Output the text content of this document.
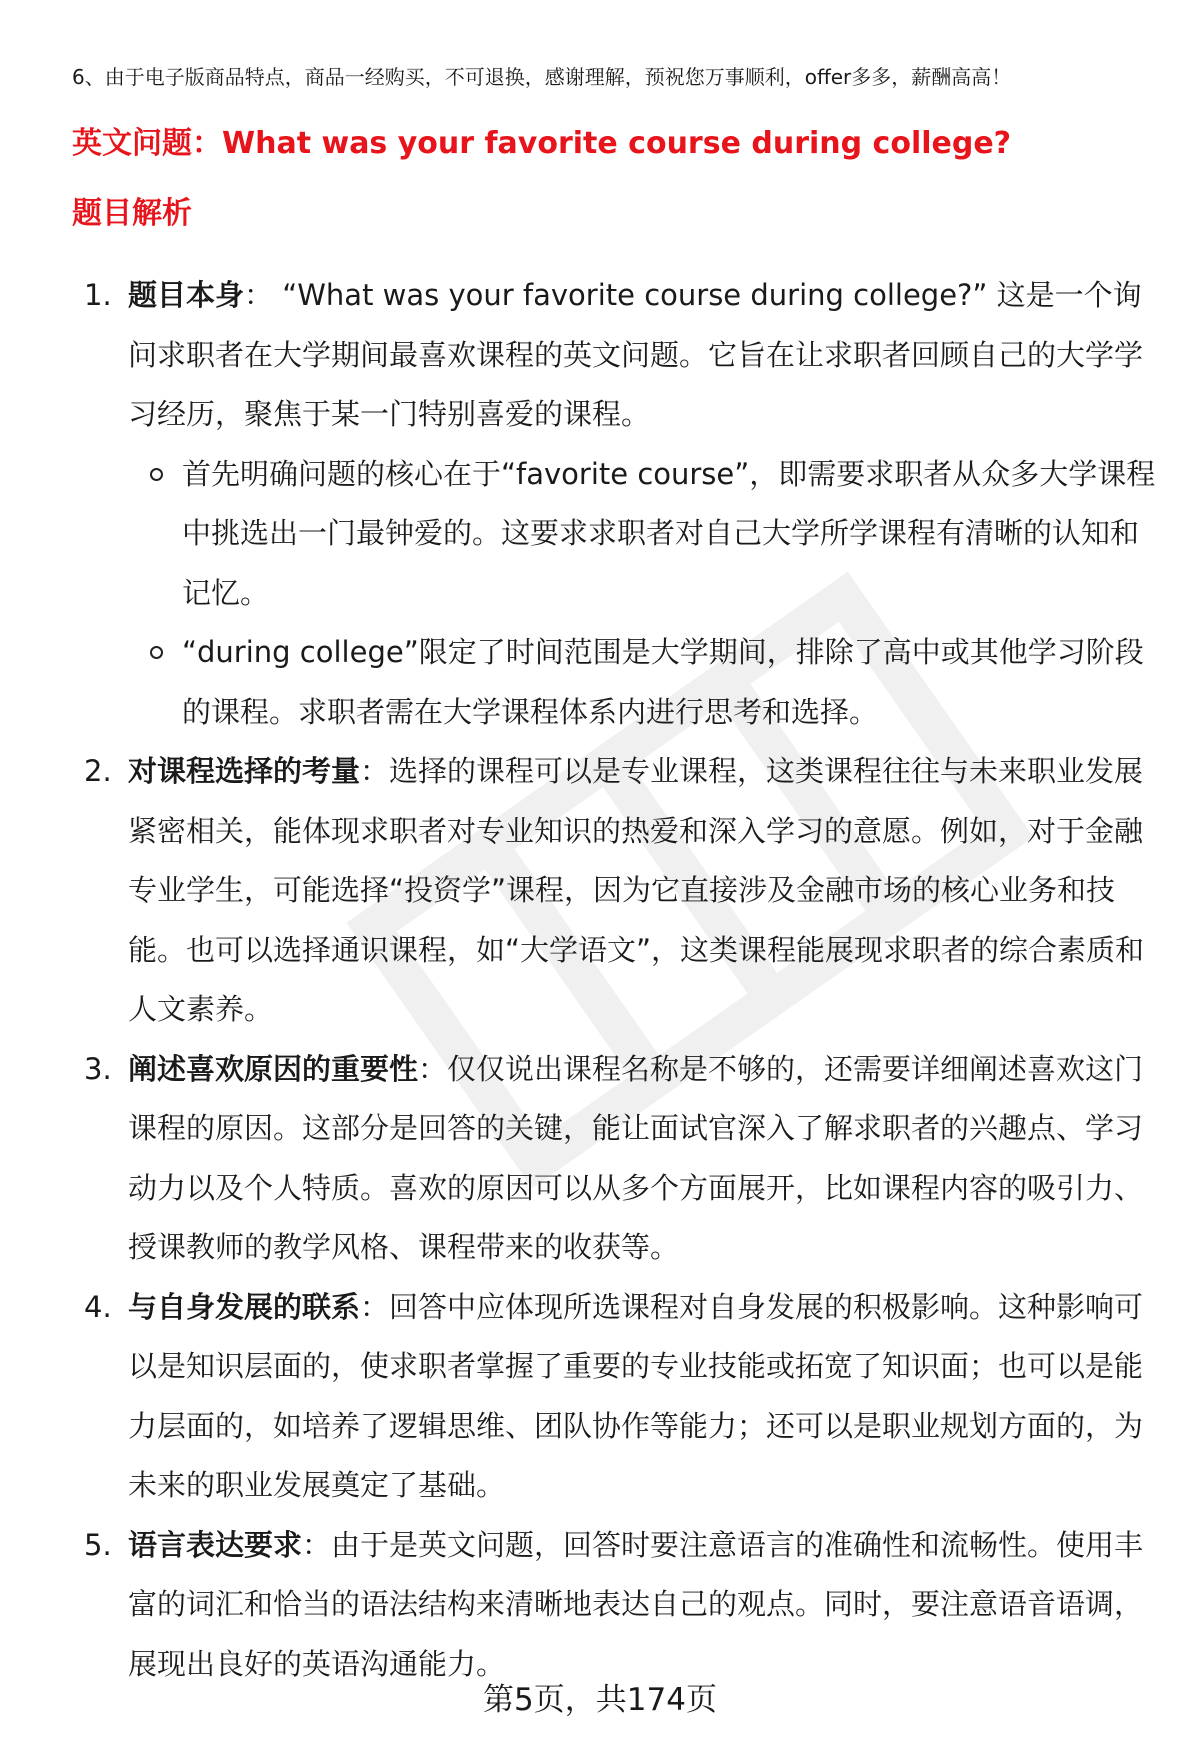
6、由于电子版商品特点，商品一经购买，不可退换，感谢理解，预祝您万事顺利，offer多多，薪酬高高！
英文问题：What was your favorite course during college?
题目解析
1. 题目本身： “What was your favorite course during college?” 这是一个询问求职者在大学期间最喜欢课程的英文问题。它旨在让求职者回顾自己的大学学习经历，聚焦于某一门特别喜爱的课程。
首先明确问题的核心在于“favorite course”，即需要求职者从众多大学课程中挑选出一门最钟爱的。这要求求职者对自己大学所学课程有清晰的认知和记忆。
“during college”限定了时间范围是大学期间，排除了高中或其他学习阶段的课程。求职者需在大学课程体系内进行思考和选择。
2. 对课程选择的考量：选择的课程可以是专业课程，这类课程往往与未来职业发展紧密相关，能体现求职者对专业知识的热爱和深入学习的意愿。例如，对于金融专业学生，可能选择“投资学”课程，因为它直接涉及金融市场的核心业务和技能。也可以选择通识课程，如“大学语文”，这类课程能展现求职者的综合素质和人文素养。
3. 阐述喜欢原因的重要性：仅仅说出课程名称是不够的，还需要详细阐述喜欢这门课程的原因。这部分是回答的关键，能让面试官深入了解求职者的兴趣点、学习动力以及个人特质。喜欢的原因可以从多个方面展开，比如课程内容的吸引力、授课教师的教学风格、课程带来的收获等。
4. 与自身发展的联系：回答中应体现所选课程对自身发展的积极影响。这种影响可以是知识层面的，使求职者掌握了重要的专业技能或拓宽了知识面；也可以是能力层面的，如培养了逻辑思维、团队协作等能力；还可以是职业规划方面的，为未来的职业发展奠定了基础。
5. 语言表达要求：由于是英文问题，回答时要注意语言的准确性和流畅性。使用丰富的词汇和恰当的语法结构来清晰地表达自己的观点。同时，要注意语音语调，展现出良好的英语沟通能力。
第5页，共174页
